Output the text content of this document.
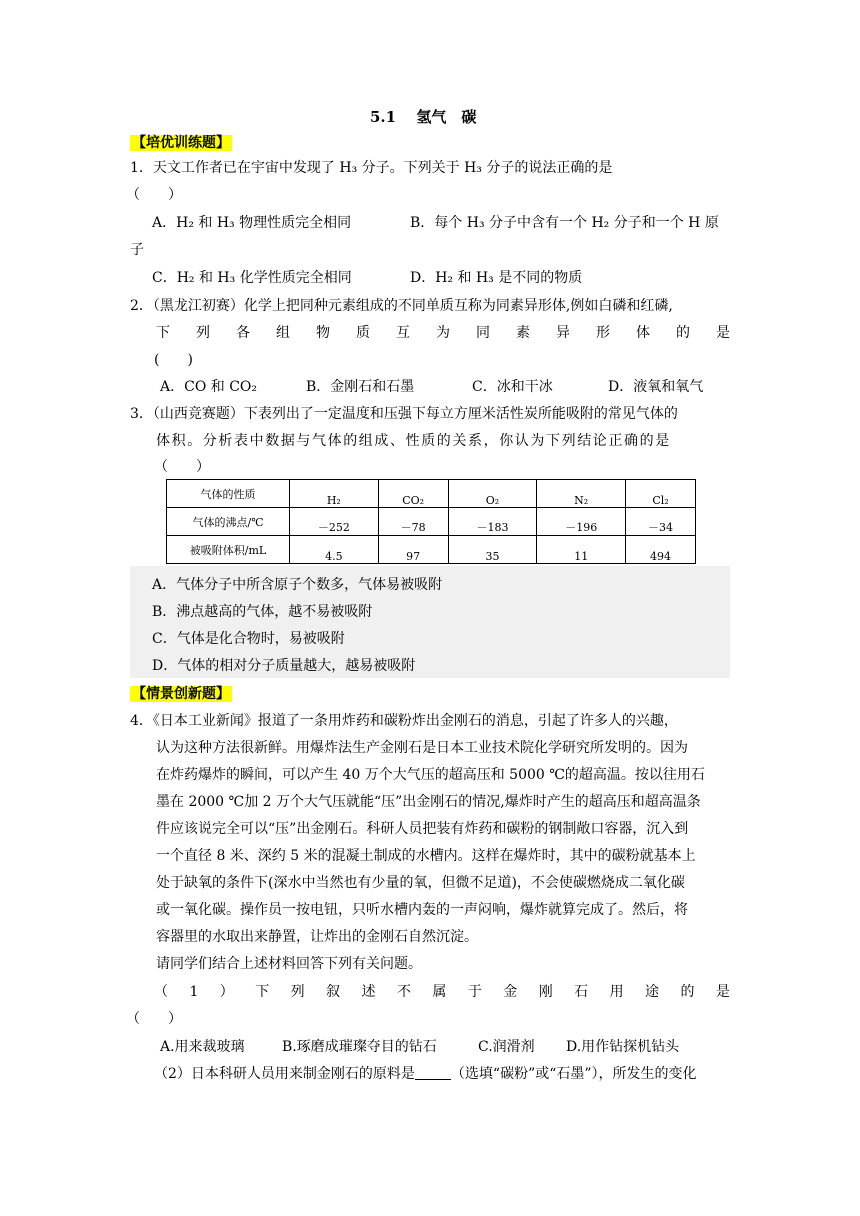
5.1　 氢气　碳
【培优训练题】
1．天文工作者已在宇宙中发现了 H₃ 分子。下列关于 H₃ 分子的说法正确的是
（　　）
A．H₂ 和 H₃ 物理性质完全相同	B．每个 H₃ 分子中含有一个 H₂ 分子和一个 H 原
子
C．H₂ 和 H₃ 化学性质完全相同	D．H₂ 和 H₃ 是不同的物质
2．（黑龙江初赛）化学上把同种元素组成的不同单质互称为同素异形体,例如白磷和红磷,
下 列 各 组 物 质 互 为 同 素 异 形 体 的 是
(　　)
A．CO 和 CO₂	B．金刚石和石墨	C．冰和干冰	D．液氧和氧气
3．（山西竞赛题）下表列出了一定温度和压强下每立方厘米活性炭所能吸附的常见气体的
体积。分析表中数据与气体的组成、性质的关系，你认为下列结论正确的是
（　　）
气体的性质	H₂	CO₂	O₂	N₂	Cl₂
气体的沸点/℃	－252	－78	－183	－196	－34
被吸附体积/mL	4.5	97	35	11	494
A．气体分子中所含原子个数多，气体易被吸附
B．沸点越高的气体，越不易被吸附
C．气体是化合物时，易被吸附
D．气体的相对分子质量越大，越易被吸附
【情景创新题】
4．《日本工业新闻》报道了一条用炸药和碳粉炸出金刚石的消息，引起了许多人的兴趣，
认为这种方法很新鲜。用爆炸法生产金刚石是日本工业技术院化学研究所发明的。因为
在炸药爆炸的瞬间，可以产生 40 万个大气压的超高压和 5000 ℃的超高温。按以往用石
墨在 2000 ℃加 2 万个大气压就能“压”出金刚石的情况,爆炸时产生的超高压和超高温条
件应该说完全可以“压”出金刚石。科研人员把装有炸药和碳粉的钢制敞口容器，沉入到
一个直径 8 米、深约 5 米的混凝土制成的水槽内。这样在爆炸时，其中的碳粉就基本上
处于缺氧的条件下(深水中当然也有少量的氧，但微不足道)，不会使碳燃烧成二氧化碳
或一氧化碳。操作员一按电钮，只听水槽内轰的一声闷响，爆炸就算完成了。然后，将
容器里的水取出来静置，让炸出的金刚石自然沉淀。
请同学们结合上述材料回答下列有关问题。
（ 1 ） 下 列 叙 述 不 属 于 金 刚 石 用 途 的 是
（　　）
A.用来裁玻璃	B.琢磨成璀璨夺目的钻石	C.润滑剂 D.用作钻探机钻头
（2）日本科研人员用来制金刚石的原料是	（选填“碳粉”或“石墨”），所发生的变化
